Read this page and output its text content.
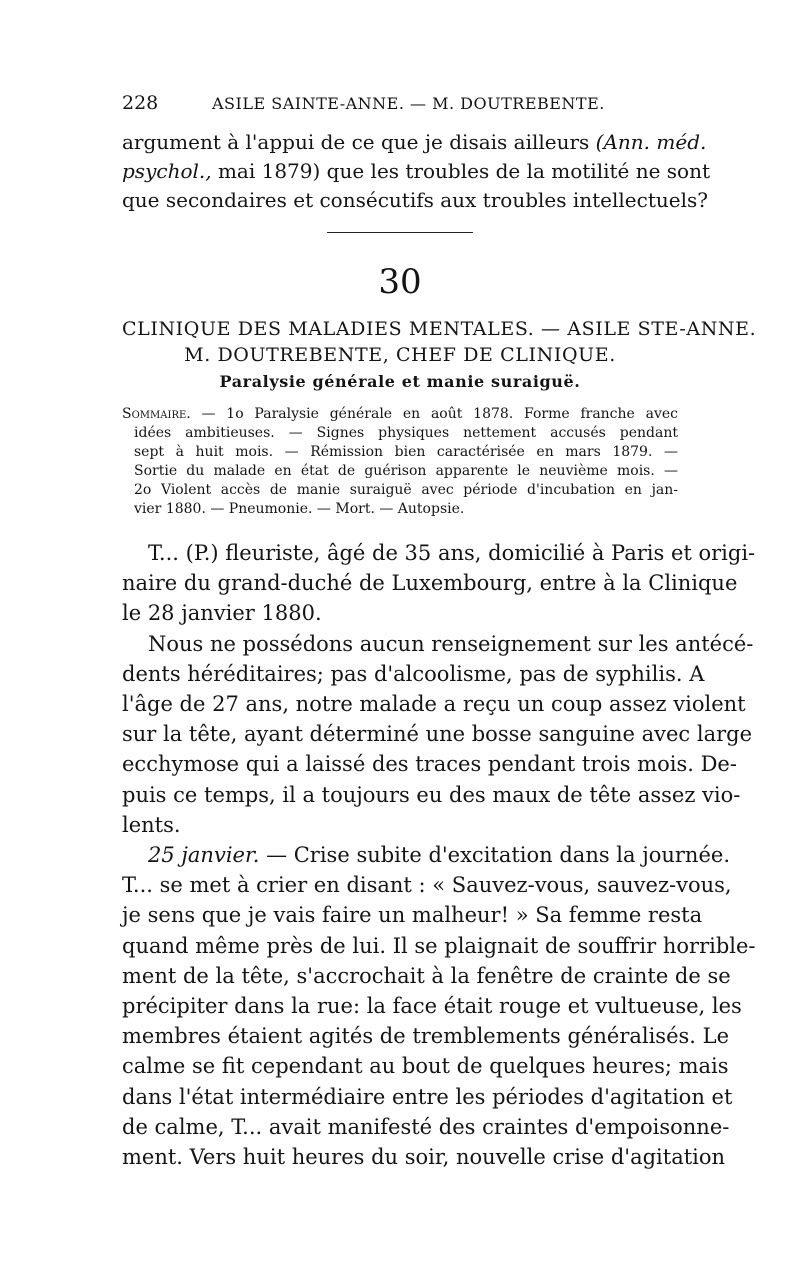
228	ASILE SAINTE-ANNE. — M. DOUTREBENTE.
argument à l'appui de ce que je disais ailleurs (Ann. méd.
psychol., mai 1879) que les troubles de la motilité ne sont
que secondaires et consécutifs aux troubles intellectuels?
30
CLINIQUE DES MALADIES MENTALES. — ASILE STE-ANNE.
M. DOUTREBENTE, CHEF DE CLINIQUE.
Paralysie générale et manie suraiguë.
Sommaire. — 1o Paralysie générale en août 1878. Forme franche avec
idées ambitieuses. — Signes physiques nettement accusés pendant
sept à huit mois. — Rémission bien caractérisée en mars 1879. —
Sortie du malade en état de guérison apparente le neuvième mois. —
2o Violent accès de manie suraiguë avec période d'incubation en jan-
vier 1880. — Pneumonie. — Mort. — Autopsie.
T... (P.) fleuriste, âgé de 35 ans, domicilié à Paris et origi-
naire du grand-duché de Luxembourg, entre à la Clinique
le 28 janvier 1880.
Nous ne possédons aucun renseignement sur les antécé-
dents héréditaires; pas d'alcoolisme, pas de syphilis. A
l'âge de 27 ans, notre malade a reçu un coup assez violent
sur la tête, ayant déterminé une bosse sanguine avec large
ecchymose qui a laissé des traces pendant trois mois. De-
puis ce temps, il a toujours eu des maux de tête assez vio-
lents.
25 janvier. — Crise subite d'excitation dans la journée.
T... se met à crier en disant : « Sauvez-vous, sauvez-vous,
je sens que je vais faire un malheur! » Sa femme resta
quand même près de lui. Il se plaignait de souffrir horrible-
ment de la tête, s'accrochait à la fenêtre de crainte de se
précipiter dans la rue: la face était rouge et vultueuse, les
membres étaient agités de tremblements généralisés. Le
calme se fit cependant au bout de quelques heures; mais
dans l'état intermédiaire entre les périodes d'agitation et
de calme, T... avait manifesté des craintes d'empoisonne-
ment. Vers huit heures du soir, nouvelle crise d'agitation
